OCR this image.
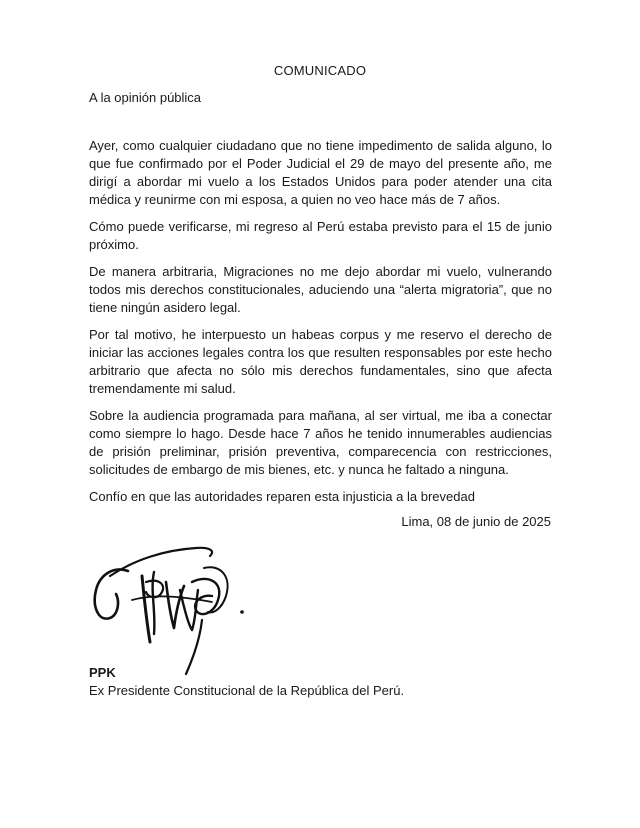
COMUNICADO
A la opinión pública

Ayer, como cualquier ciudadano que no tiene impedimento de salida alguno, lo que fue confirmado por el Poder Judicial el 29 de mayo del presente año, me dirigí a abordar mi vuelo a los Estados Unidos para poder atender una cita médica y reunirme con mi esposa, a quien no veo hace más de 7 años.

Cómo puede verificarse, mi regreso al Perú estaba previsto para el 15 de junio próximo.

De manera arbitraria, Migraciones no me dejo abordar mi vuelo, vulnerando todos mis derechos constitucionales, aduciendo una “alerta migratoria”, que no tiene ningún asidero legal.

Por tal motivo, he interpuesto un habeas corpus y me reservo el derecho de iniciar las acciones legales contra los que resulten responsables por este hecho arbitrario que afecta no sólo mis derechos fundamentales, sino que afecta tremendamente mi salud.

Sobre la audiencia programada para mañana, al ser virtual, me iba a conectar como siempre lo hago. Desde hace 7 años he tenido innumerables audiencias de prisión preliminar, prisión preventiva, comparecencia con restricciones, solicitudes de embargo de mis bienes, etc. y nunca he faltado a ninguna.

Confío en que las autoridades reparen esta injusticia a la brevedad

Lima, 08 de junio de 2025
PPK
Ex Presidente Constitucional de la República del Perú.
